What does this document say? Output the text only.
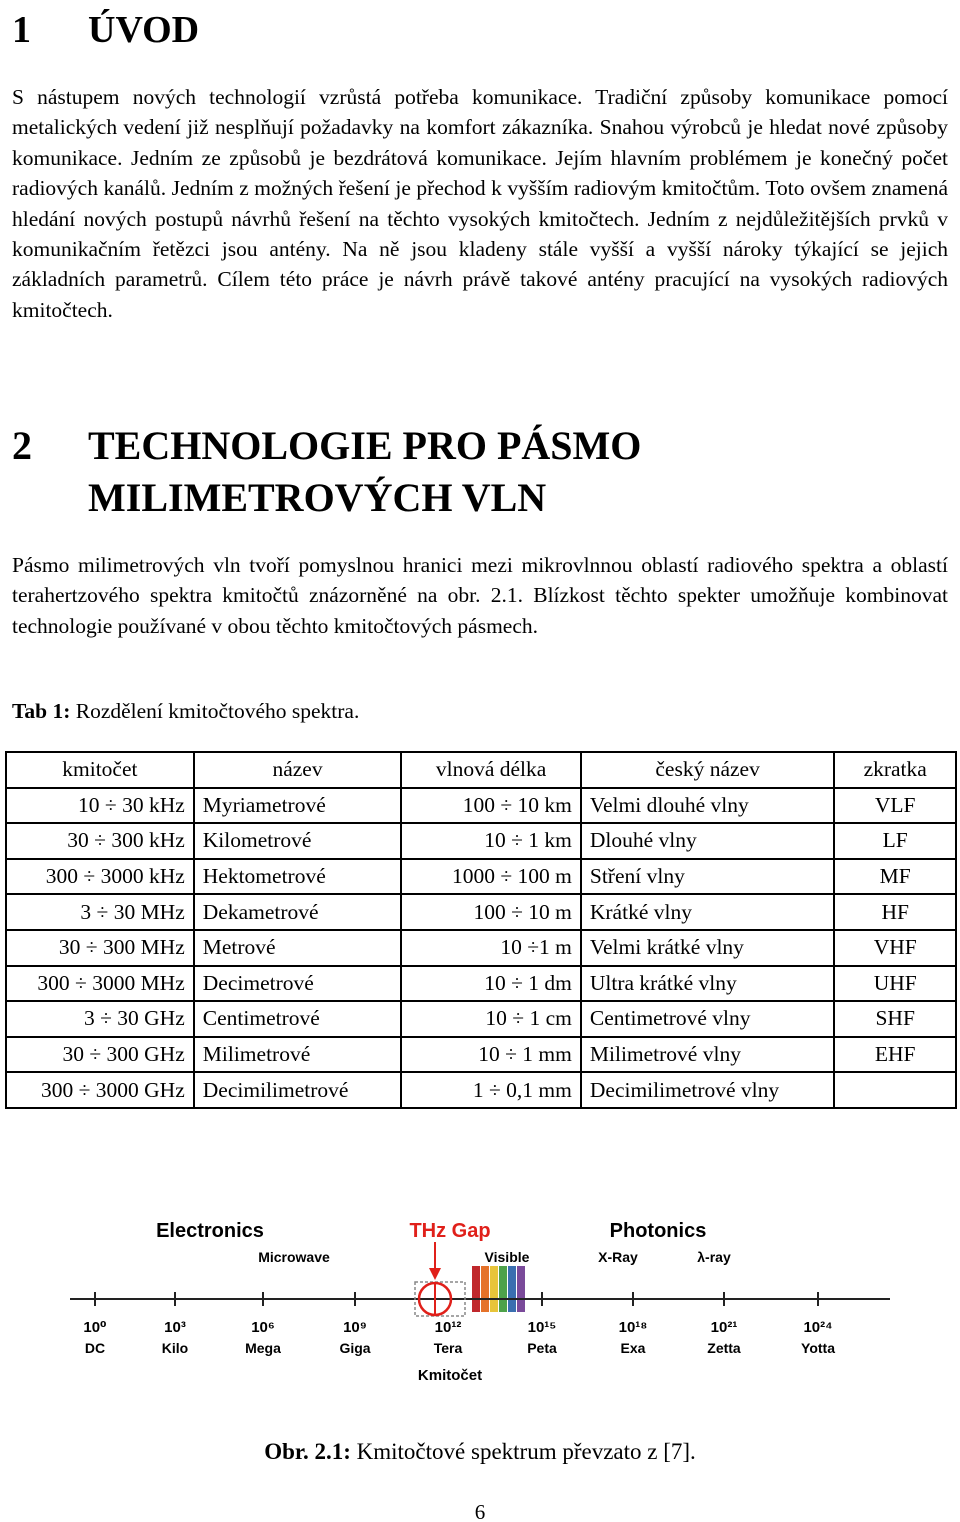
1 ÚVOD

S nástupem nových technologií vzrůstá potřeba komunikace. Tradiční způsoby komunikace pomocí metalických vedení již nesplňují požadavky na komfort zákazníka. Snahou výrobců je hledat nové způsoby komunikace. Jedním ze způsobů je bezdrátová komunikace. Jejím hlavním problémem je konečný počet radiových kanálů. Jedním z možných řešení je přechod k vyšším radiovým kmitočtům. Toto ovšem znamená hledání nových postupů návrhů řešení na těchto vysokých kmitočtech. Jedním z nejdůležitějších prvků v komunikačním řetězci jsou antény. Na ně jsou kladeny stále vyšší a vyšší nároky týkající se jejich základních parametrů. Cílem této práce je návrh právě takové antény pracující na vysokých radiových kmitočtech.

2 TECHNOLOGIE PRO PÁSMO
MILIMETROVÝCH VLN

Pásmo milimetrových vln tvoří pomyslnou hranici mezi mikrovlnnou oblastí radiového spektra a oblastí terahertzového spektra kmitočtů znázorněné na obr. 2.1. Blízkost těchto spekter umožňuje kombinovat technologie používané v obou těchto kmitočtových pásmech.

Tab 1: Rozdělení kmitočtového spektra.
kmitočet	název	vlnová délka	český název	zkratka
10 ÷ 30 kHz	Myriametrové	100 ÷ 10 km	Velmi dlouhé vlny	VLF
30 ÷ 300 kHz	Kilometrové	10 ÷ 1 km	Dlouhé vlny	LF
300 ÷ 3000 kHz	Hektometrové	1000 ÷ 100 m	Stření vlny	MF
3 ÷ 30 MHz	Dekametrové	100 ÷ 10 m	Krátké vlny	HF
30 ÷ 300 MHz	Metrové	10 ÷1 m	Velmi krátké vlny	VHF
300 ÷ 3000 MHz	Decimetrové	10 ÷ 1 dm	Ultra krátké vlny	UHF
3 ÷ 30 GHz	Centimetrové	10 ÷ 1 cm	Centimetrové vlny	SHF
30 ÷ 300 GHz	Milimetrové	10 ÷ 1 mm	Milimetrové vlny	EHF
300 ÷ 3000 GHz	Decimilimetrové	1 ÷ 0,1 mm	Decimilimetrové vlny	
Electronics	THz Gap	Photonics
Microwave	Visible	X-Ray	λ-ray
10⁰	10³	10⁶	10⁹	10¹²	10¹⁵	10¹⁸	10²¹	10²⁴
DC	Kilo	Mega	Giga	Tera	Peta	Exa	Zetta	Yotta
Kmitočet
Obr. 2.1: Kmitočtové spektrum převzato z [7].
6
